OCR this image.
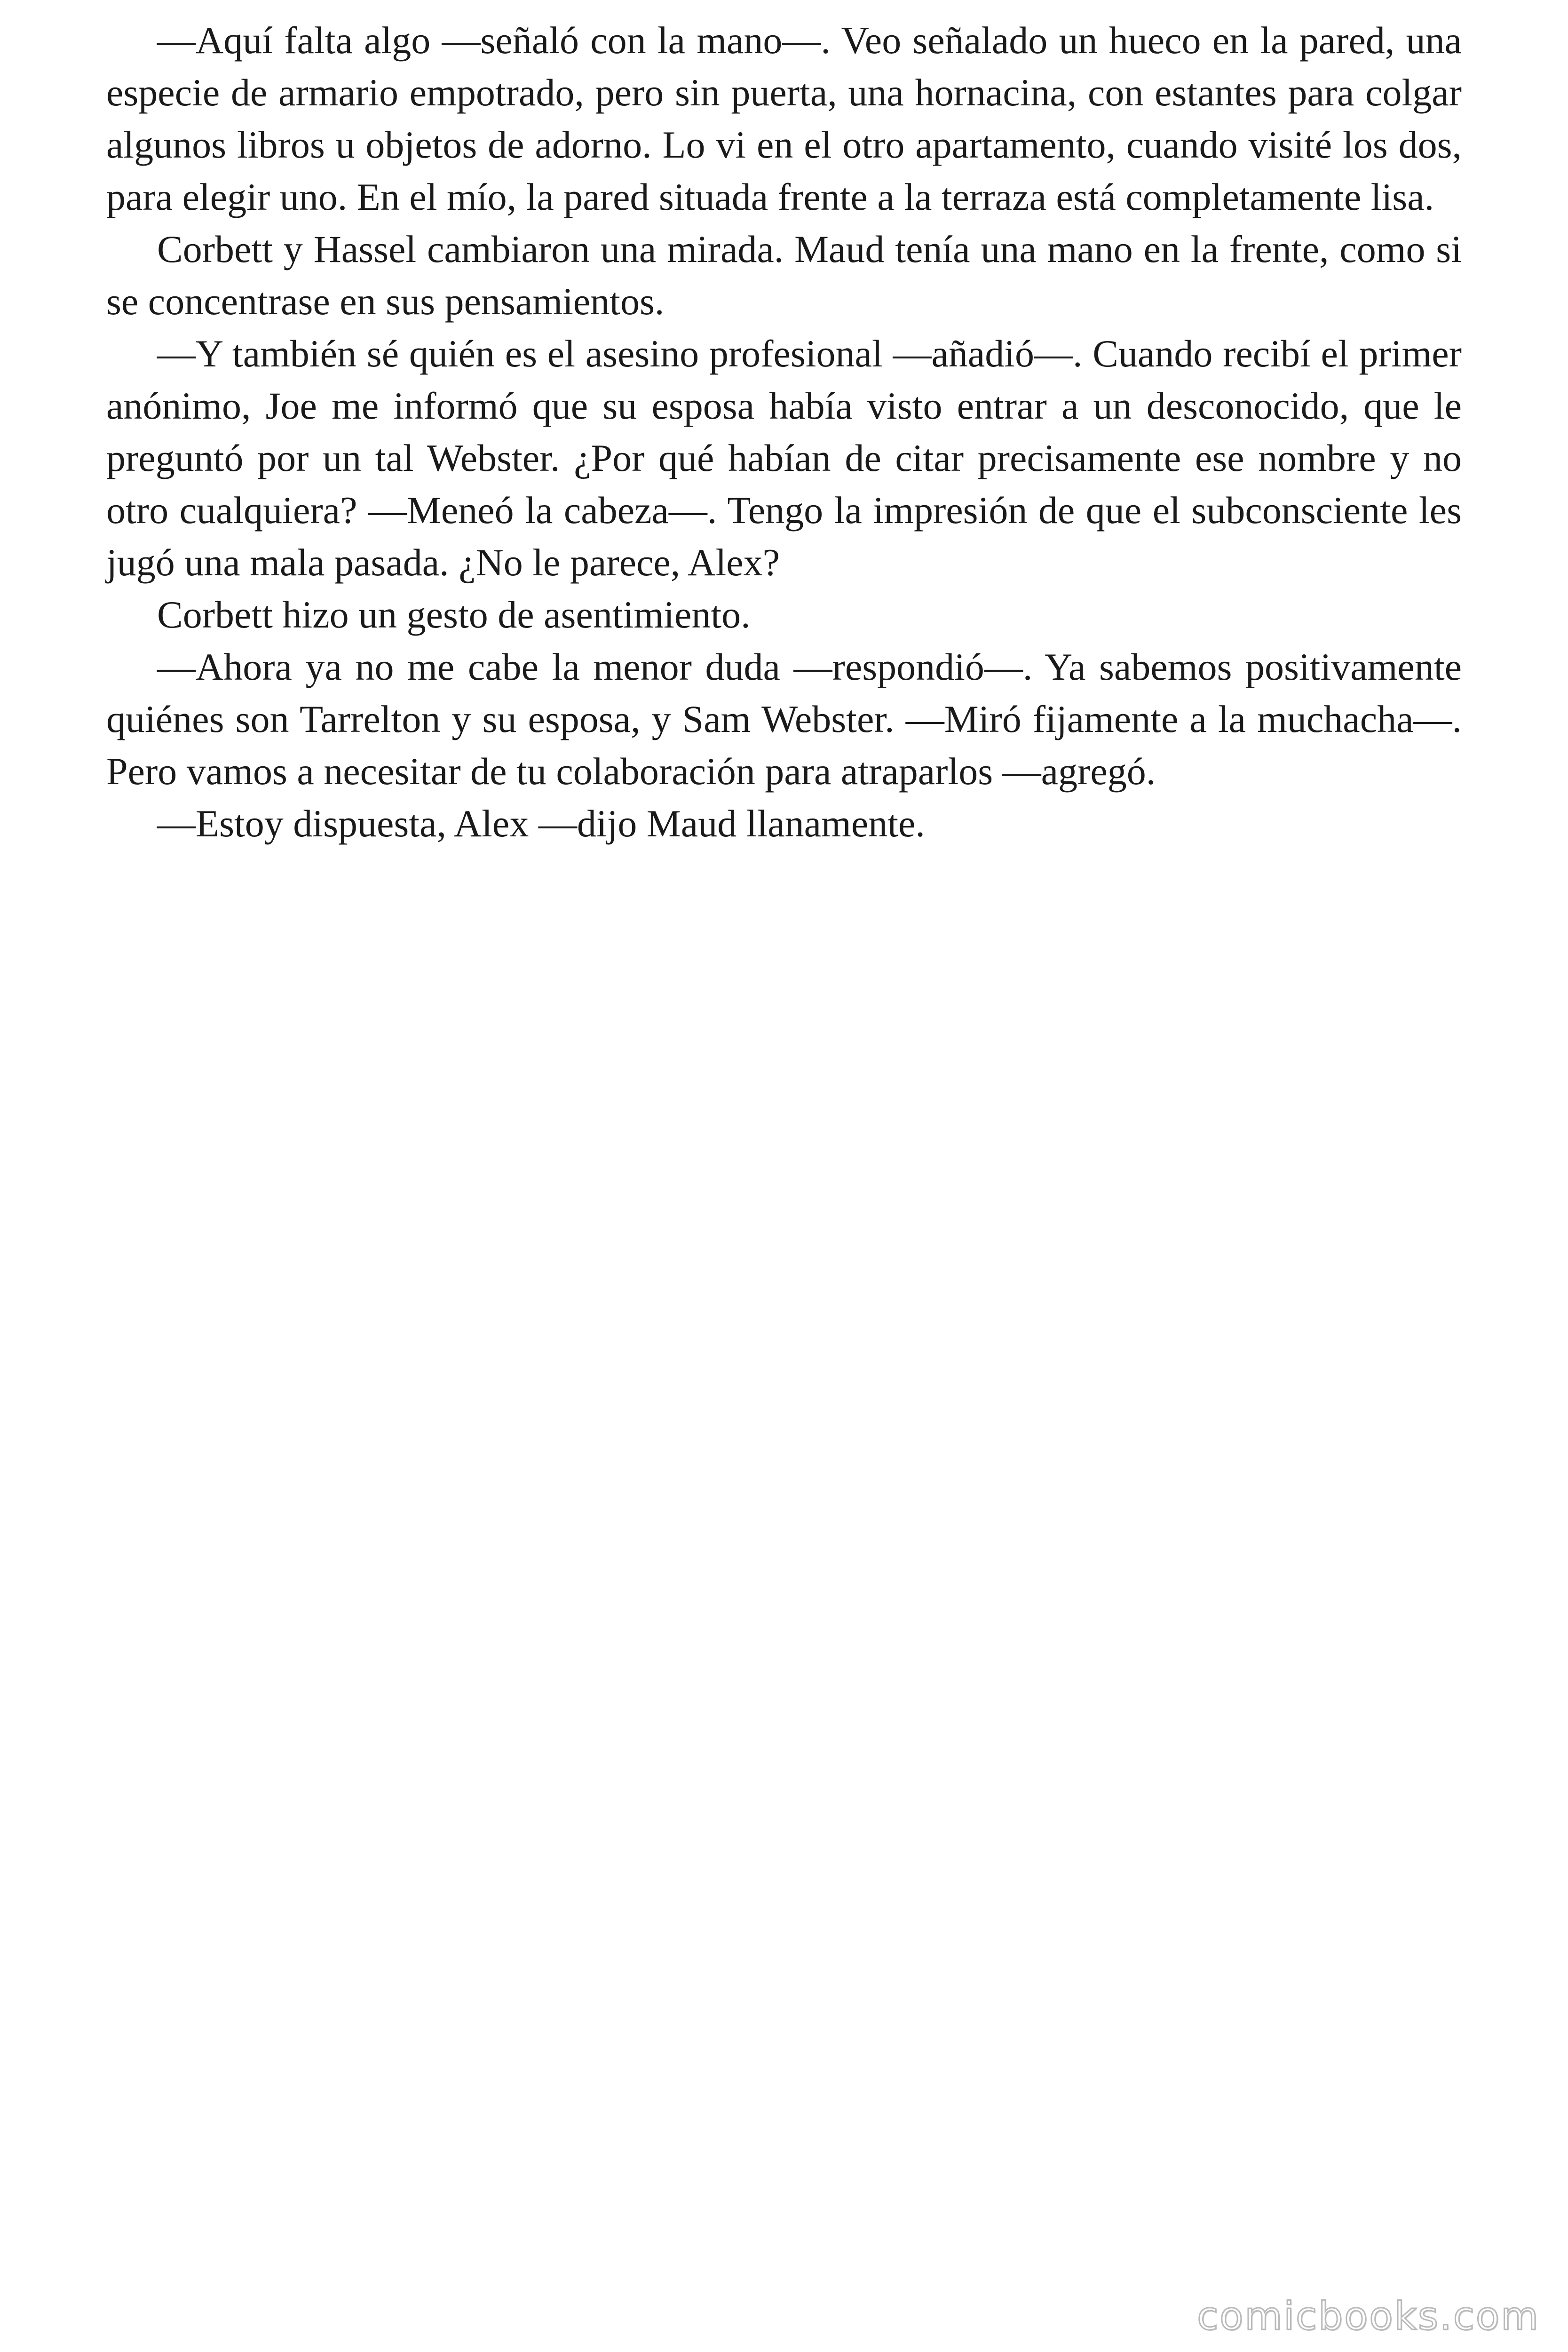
—Aquí falta algo —señaló con la mano—. Veo señalado un hueco en la pared, una especie de armario empotrado, pero sin puerta, una hornacina, con estantes para colgar algunos libros u objetos de adorno. Lo vi en el otro apartamento, cuando visité los dos, para elegir uno. En el mío, la pared situada frente a la terraza está completamente lisa.

Corbett y Hassel cambiaron una mirada. Maud tenía una mano en la frente, como si se concentrase en sus pensamientos.

—Y también sé quién es el asesino profesional —añadió—. Cuando recibí el primer anónimo, Joe me informó que su esposa había visto entrar a un desconocido, que le preguntó por un tal Webster. ¿Por qué habían de citar precisamente ese nombre y no otro cualquiera? —Meneó la cabeza—. Tengo la impresión de que el subconsciente les jugó una mala pasada. ¿No le parece, Alex?

Corbett hizo un gesto de asentimiento.

—Ahora ya no me cabe la menor duda —respondió—. Ya sabemos positivamente quiénes son Tarrelton y su esposa, y Sam Webster. —Miró fijamente a la muchacha—. Pero vamos a necesitar de tu colaboración para atraparlos —agregó.

—Estoy dispuesta, Alex —dijo Maud llanamente.

comicbooks.com
